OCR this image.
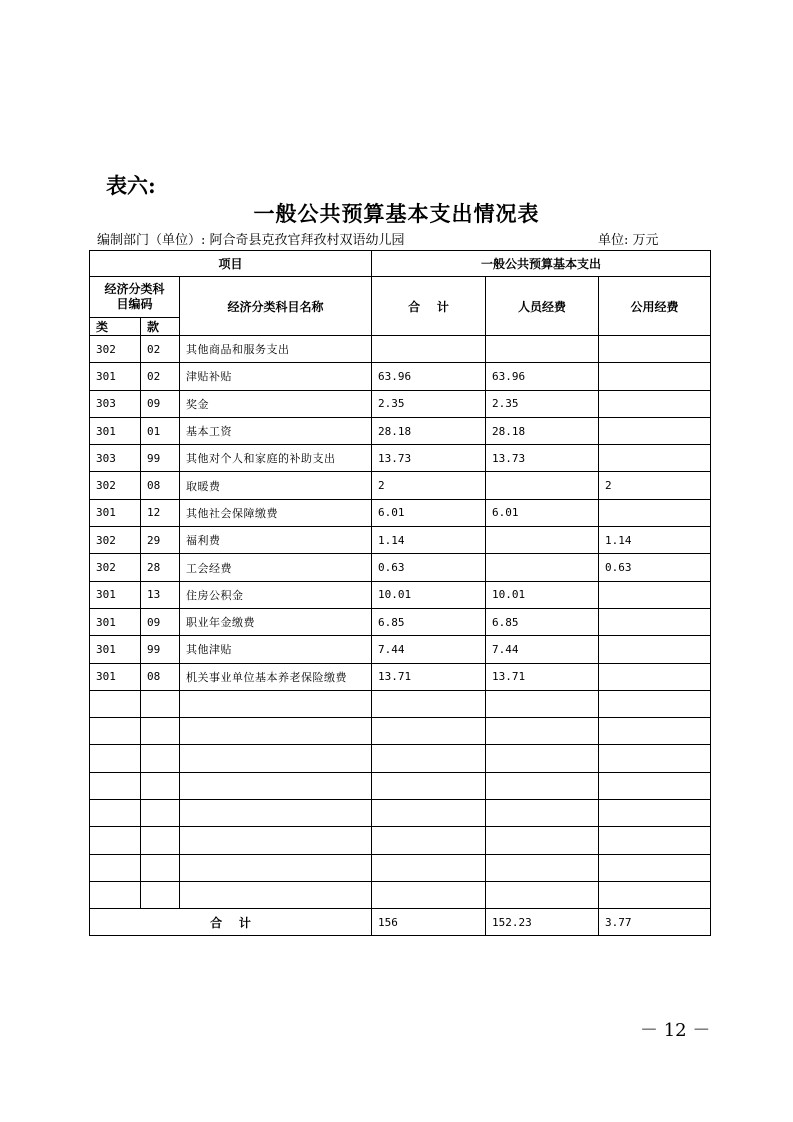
表六:
一般公共预算基本支出情况表
编制部门（单位）: 阿合奇县克孜官拜孜村双语幼儿园	单位: 万元
项目			一般公共预算基本支出		
经济分类科目编码		经济分类科目名称	合    计	人员经费	公用经费
类	款				
302	02	其他商品和服务支出			
301	02	津贴补贴	63.96	63.96	
303	09	奖金	2.35	2.35	
301	01	基本工资	28.18	28.18	
303	99	其他对个人和家庭的补助支出	13.73	13.73	
302	08	取暖费	2		2
301	12	其他社会保障缴费	6.01	6.01	
302	29	福利费	1.14		1.14
302	28	工会经费	0.63		0.63
301	13	住房公积金	10.01	10.01	
301	09	职业年金缴费	6.85	6.85	
301	99	其他津贴	7.44	7.44	
301	08	机关事业单位基本养老保险缴费	13.71	13.71	

合    计			156	152.23	3.77
－ 12 －
